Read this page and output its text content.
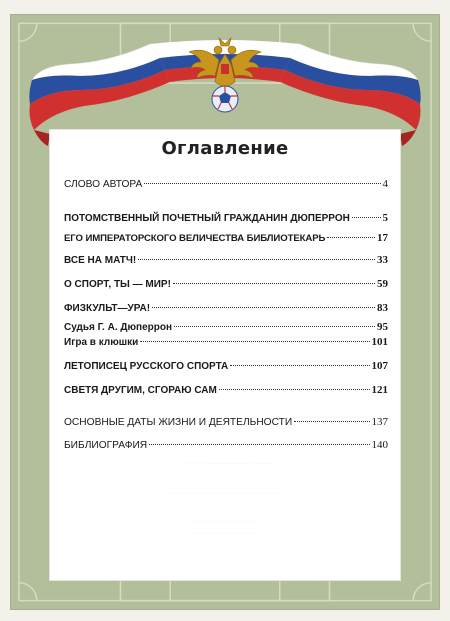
Оглавление
СЛОВО АВТОРА	4
ПОТОМСТВЕННЫЙ ПОЧЕТНЫЙ ГРАЖДАНИН ДЮПЕРРОН	5
ЕГО ИМПЕРАТОРСКОГО ВЕЛИЧЕСТВА БИБЛИОТЕКАРЬ	17
ВСЕ НА МАТЧ!	33
О СПОРТ, ТЫ — МИР!	59
ФИЗКУЛЬТ—УРА!	83
Судья Г. А. Дюперрон	95
Игра в клюшки	101
ЛЕТОПИСЕЦ РУССКОГО СПОРТА	107
СВЕТЯ ДРУГИМ, СГОРАЮ САМ	121
ОСНОВНЫЕ ДАТЫ ЖИЗНИ И ДЕЯТЕЛЬНОСТИ	137
БИБЛИОГРАФИЯ	140
· · · · · · · · · · · · · · · · · · · · · · ·
· · · · · · · · · · · · · · · · · · · · · · · · · · · · · ·
· · · · · · · · · · · · · · · · · ·
· · · · · · · · · · · · · · · · · ·
